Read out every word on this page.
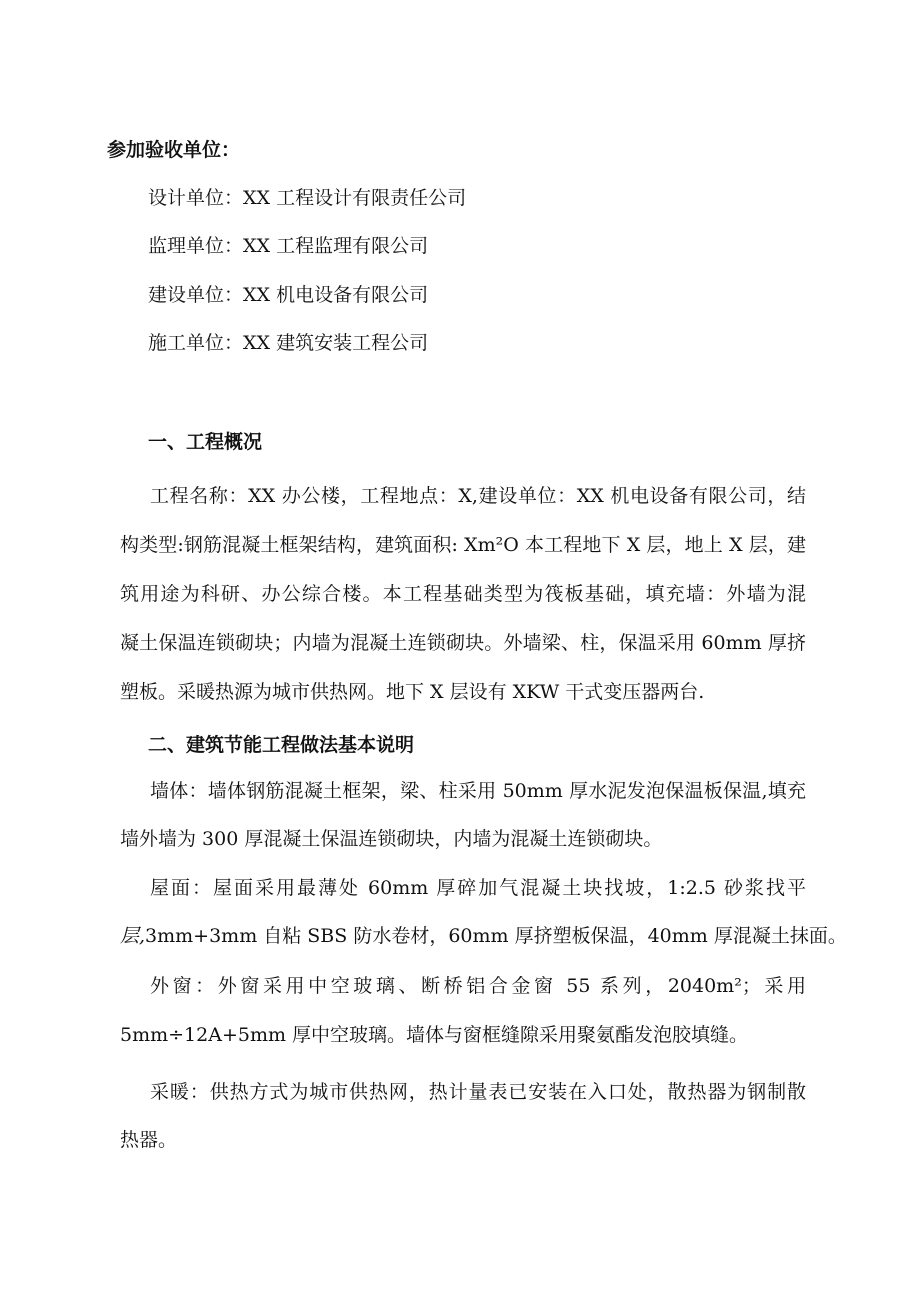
参加验收单位：
设计单位：XX 工程设计有限责任公司
监理单位：XX 工程监理有限公司
建设单位：XX 机电设备有限公司
施工单位：XX 建筑安装工程公司
一、工程概况
工程名称：XX 办公楼，工程地点：X,建设单位：XX 机电设备有限公司，结
构类型:钢筋混凝土框架结构，建筑面积: Xm²O 本工程地下 X 层，地上 X 层，建
筑用途为科研、办公综合楼。本工程基础类型为筏板基础，填充墙：外墙为混
凝土保温连锁砌块；内墙为混凝土连锁砌块。外墙梁、柱，保温采用 60mm 厚挤
塑板。采暖热源为城市供热网。地下 X 层设有 XKW 干式变压器两台.
二、建筑节能工程做法基本说明
墙体：墙体钢筋混凝土框架，梁、柱采用 50mm 厚水泥发泡保温板保温,填充
墙外墙为 300 厚混凝土保温连锁砌块，内墙为混凝土连锁砌块。
屋面：屋面采用最薄处 60mm 厚碎加气混凝土块找坡，1:2.5 砂浆找平
层,3mm+3mm 自粘 SBS 防水卷材，60mm 厚挤塑板保温，40mm 厚混凝土抹面。
外窗：外窗采用中空玻璃、断桥铝合金窗 55 系列，2040m²；采用
5mm÷12A+5mm 厚中空玻璃。墙体与窗框缝隙采用聚氨酯发泡胶填缝。
采暖：供热方式为城市供热网，热计量表已安装在入口处，散热器为钢制散
热器。
